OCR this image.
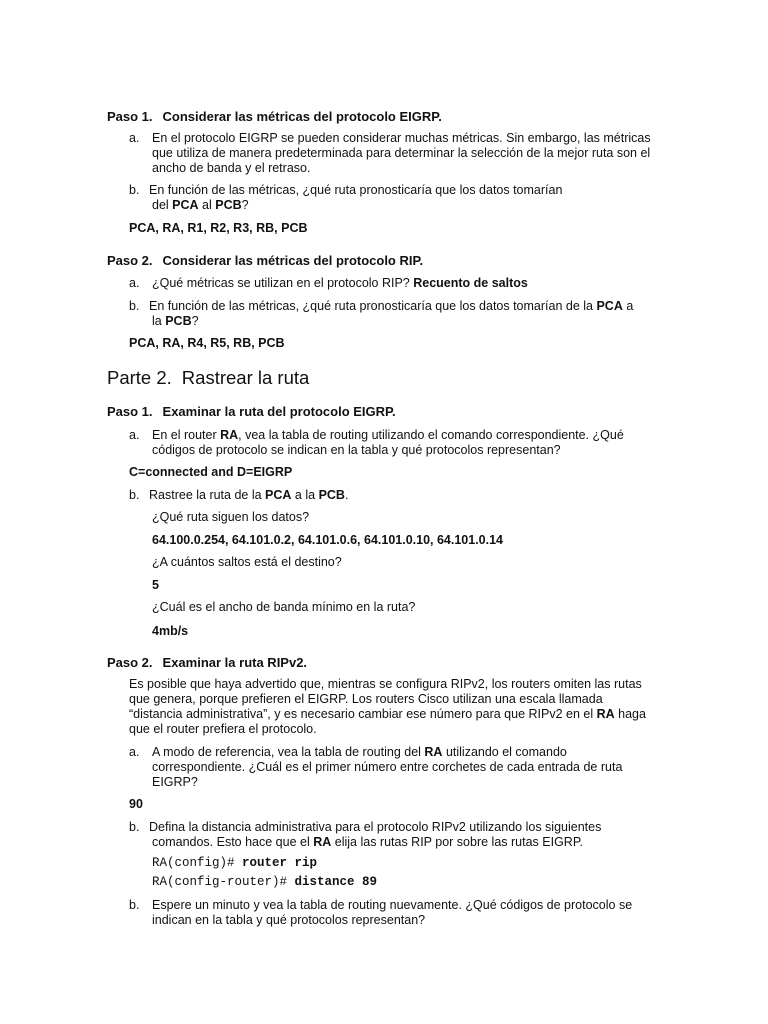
Paso 1. Considerar las métricas del protocolo EIGRP.
a. En el protocolo EIGRP se pueden considerar muchas métricas. Sin embargo, las métricas
que utiliza de manera predeterminada para determinar la selección de la mejor ruta son el
ancho de banda y el retraso.
b. En función de las métricas, ¿qué ruta pronosticaría que los datos tomarían
del PCA al PCB?
PCA, RA, R1, R2, R3, RB, PCB
Paso 2. Considerar las métricas del protocolo RIP.
a. ¿Qué métricas se utilizan en el protocolo RIP? Recuento de saltos
b. En función de las métricas, ¿qué ruta pronosticaría que los datos tomarían de la PCA a
la PCB?
PCA, RA, R4, R5, RB, PCB
Parte 2. Rastrear la ruta
Paso 1. Examinar la ruta del protocolo EIGRP.
a. En el router RA, vea la tabla de routing utilizando el comando correspondiente. ¿Qué
códigos de protocolo se indican en la tabla y qué protocolos representan?
C=connected and D=EIGRP
b. Rastree la ruta de la PCA a la PCB.
¿Qué ruta siguen los datos?
64.100.0.254, 64.101.0.2, 64.101.0.6, 64.101.0.10, 64.101.0.14
¿A cuántos saltos está el destino?
5
¿Cuál es el ancho de banda mínimo en la ruta?
4mb/s
Paso 2. Examinar la ruta RIPv2.
Es posible que haya advertido que, mientras se configura RIPv2, los routers omiten las rutas
que genera, porque prefieren el EIGRP. Los routers Cisco utilizan una escala llamada
“distancia administrativa”, y es necesario cambiar ese número para que RIPv2 en el RA haga
que el router prefiera el protocolo.
a. A modo de referencia, vea la tabla de routing del RA utilizando el comando
correspondiente. ¿Cuál es el primer número entre corchetes de cada entrada de ruta
EIGRP?
90
b. Defina la distancia administrativa para el protocolo RIPv2 utilizando los siguientes
comandos. Esto hace que el RA elija las rutas RIP por sobre las rutas EIGRP.
RA(config)# router rip
RA(config-router)# distance 89
b. Espere un minuto y vea la tabla de routing nuevamente. ¿Qué códigos de protocolo se
indican en la tabla y qué protocolos representan?
